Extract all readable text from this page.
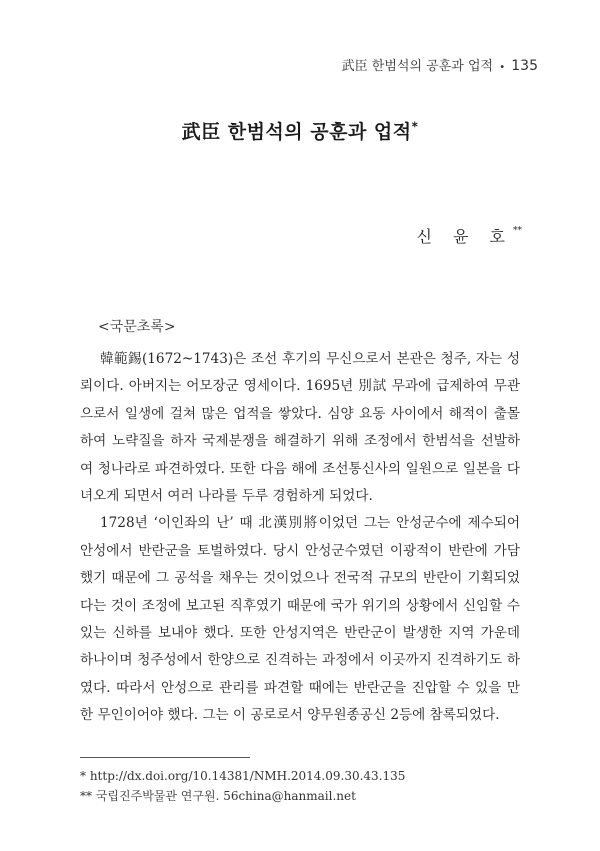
武臣 한범석의 공훈과 업적 • 135
武臣 한범석의 공훈과 업적*
신 윤 호**
<국문초록>

韓範錫(1672~1743)은 조선 후기의 무신으로서 본관은 청주, 자는 성뢰이다. 아버지는 어모장군 영세이다. 1695년 別試 무과에 급제하여 무관으로서 일생에 걸쳐 많은 업적을 쌓았다. 심양 요동 사이에서 해적이 출몰하여 노략질을 하자 국제분쟁을 해결하기 위해 조정에서 한범석을 선발하여 청나라로 파견하였다. 또한 다음 해에 조선통신사의 일원으로 일본을 다녀오게 되면서 여러 나라를 두루 경험하게 되었다.

1728년 ‘이인좌의 난’ 때 北漢別將이었던 그는 안성군수에 제수되어 안성에서 반란군을 토벌하였다. 당시 안성군수였던 이광적이 반란에 가담했기 때문에 그 공석을 채우는 것이었으나 전국적 규모의 반란이 기획되었다는 것이 조정에 보고된 직후였기 때문에 국가 위기의 상황에서 신임할 수 있는 신하를 보내야 했다. 또한 안성지역은 반란군이 발생한 지역 가운데 하나이며 청주성에서 한양으로 진격하는 과정에서 이곳까지 진격하기도 하였다. 따라서 안성으로 관리를 파견할 때에는 반란군을 진압할 수 있을 만한 무인이어야 했다. 그는 이 공로로서 양무원종공신 2등에 참록되었다.

* http://dx.doi.org/10.14381/NMH.2014.09.30.43.135
** 국립진주박물관 연구원. 56china@hanmail.net
